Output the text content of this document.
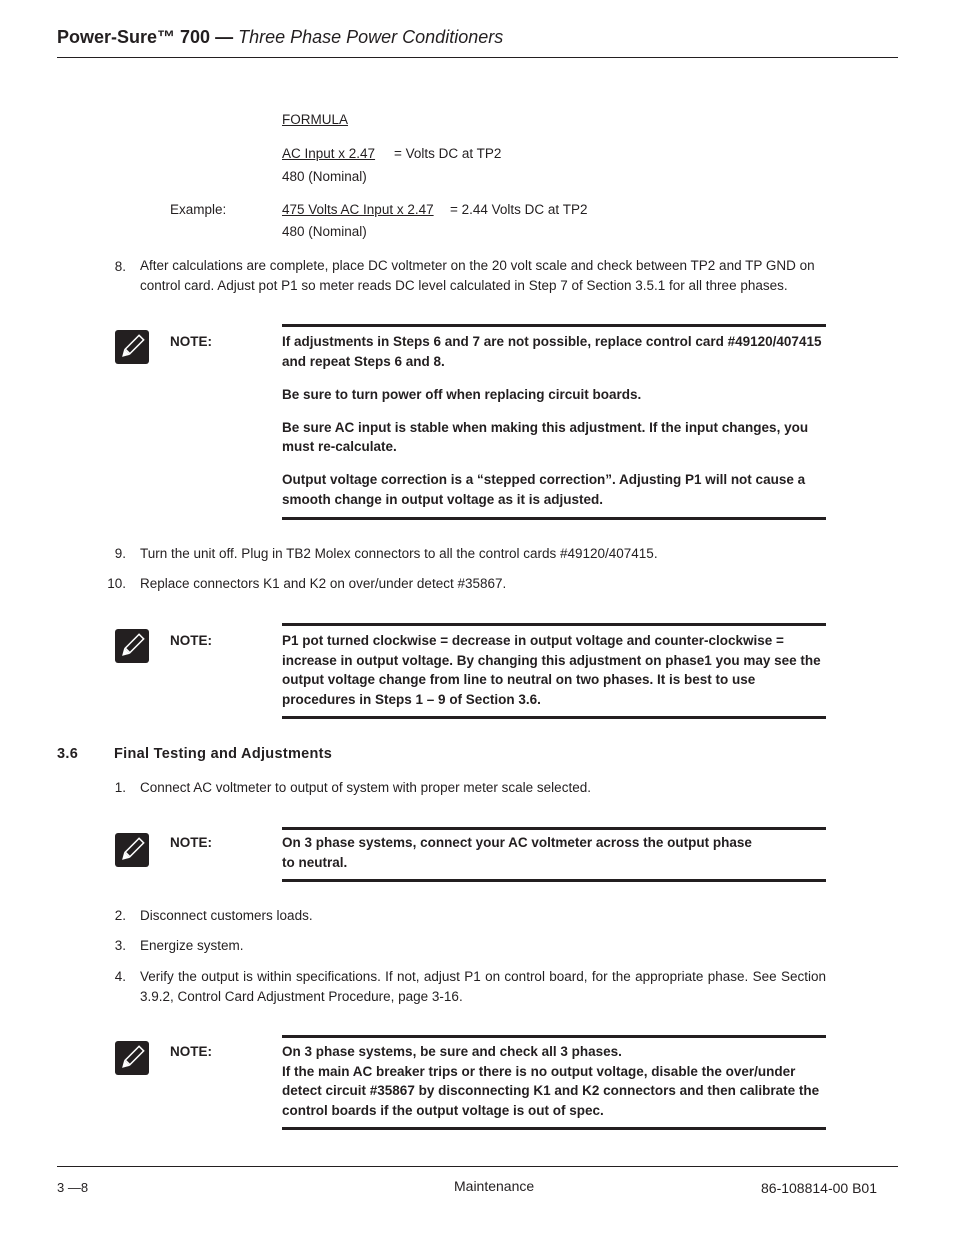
Power-Sure™ 700 — Three Phase Power Conditioners
FORMULA
AC Input x 2.47 = Volts DC at TP2
480 (Nominal)
Example:	475 Volts AC Input x 2.47 = 2.44 Volts DC at TP2
480 (Nominal)
8. After calculations are complete, place DC voltmeter on the 20 volt scale and check between TP2 and TP GND on control card. Adjust pot P1 so meter reads DC level calculated in Step 7 of Section 3.5.1 for all three phases.
NOTE:	If adjustments in Steps 6 and 7 are not possible, replace control card #49120/407415 and repeat Steps 6 and 8.

Be sure to turn power off when replacing circuit boards.

Be sure AC input is stable when making this adjustment. If the input changes, you must re-calculate.

Output voltage correction is a “stepped correction”. Adjusting P1 will not cause a smooth change in output voltage as it is adjusted.

9. Turn the unit off. Plug in TB2 Molex connectors to all the control cards #49120/407415.
10. Replace connectors K1 and K2 on over/under detect #35867.
NOTE:	P1 pot turned clockwise = decrease in output voltage and counter-clockwise = increase in output voltage. By changing this adjustment on phase1 you may see the output voltage change from line to neutral on two phases. It is best to use procedures in Steps 1 – 9 of Section 3.6.
3.6 Final Testing and Adjustments
1. Connect AC voltmeter to output of system with proper meter scale selected.
NOTE:	On 3 phase systems, connect your AC voltmeter across the output phase
to neutral.
2. Disconnect customers loads.
3. Energize system.
4. Verify the output is within specifications. If not, adjust P1 on control board, for the appropriate phase. See Section 3.9.2, Control Card Adjustment Procedure, page 3-16.
NOTE:	On 3 phase systems, be sure and check all 3 phases.
If the main AC breaker trips or there is no output voltage, disable the over/under detect circuit #35867 by disconnecting K1 and K2 connectors and then calibrate the control boards if the output voltage is out of spec.
3 —8	Maintenance	86-108814-00 B01
